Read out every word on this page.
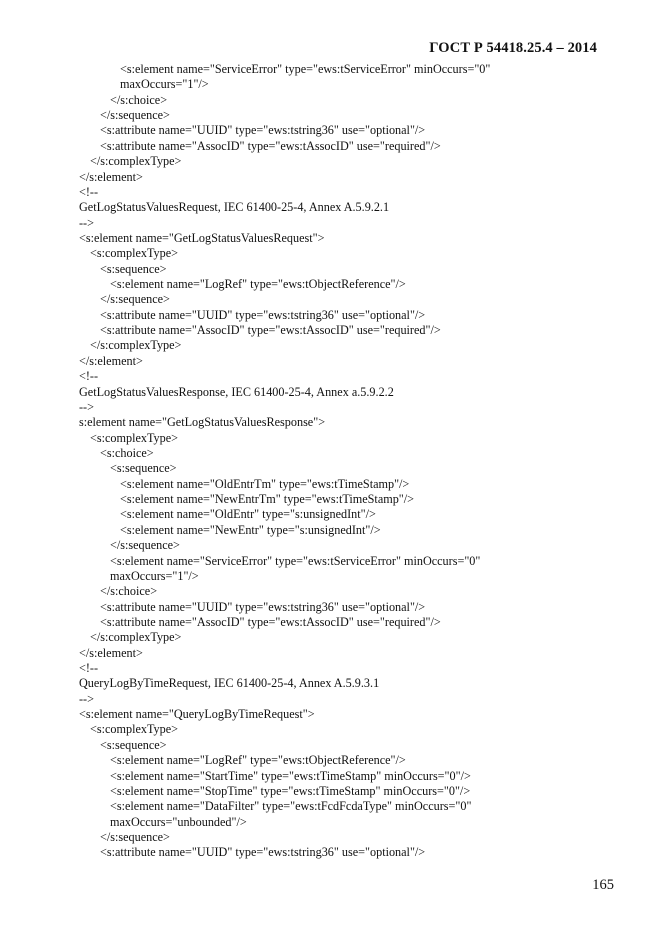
ГОСТ Р 54418.25.4 – 2014
<s:element name="ServiceError" type="ews:tServiceError" minOccurs="0"
maxOccurs="1"/>
</s:choice>
</s:sequence>
<s:attribute name="UUID" type="ews:tstring36" use="optional"/>
<s:attribute name="AssocID" type="ews:tAssocID" use="required"/>
</s:complexType>
</s:element>
<!--
GetLogStatusValuesRequest, IEC 61400-25-4, Annex A.5.9.2.1
-->
<s:element name="GetLogStatusValuesRequest">
<s:complexType>
<s:sequence>
<s:element name="LogRef" type="ews:tObjectReference"/>
</s:sequence>
<s:attribute name="UUID" type="ews:tstring36" use="optional"/>
<s:attribute name="AssocID" type="ews:tAssocID" use="required"/>
</s:complexType>
</s:element>
<!--
GetLogStatusValuesResponse, IEC 61400-25-4, Annex a.5.9.2.2
-->
s:element name="GetLogStatusValuesResponse">
<s:complexType>
<s:choice>
<s:sequence>
<s:element name="OldEntrTm" type="ews:tTimeStamp"/>
<s:element name="NewEntrTm" type="ews:tTimeStamp"/>
<s:element name="OldEntr" type="s:unsignedInt"/>
<s:element name="NewEntr" type="s:unsignedInt"/>
</s:sequence>
<s:element name="ServiceError" type="ews:tServiceError" minOccurs="0"
maxOccurs="1"/>
</s:choice>
<s:attribute name="UUID" type="ews:tstring36" use="optional"/>
<s:attribute name="AssocID" type="ews:tAssocID" use="required"/>
</s:complexType>
</s:element>
<!--
QueryLogByTimeRequest, IEC 61400-25-4, Annex A.5.9.3.1
-->
<s:element name="QueryLogByTimeRequest">
<s:complexType>
<s:sequence>
<s:element name="LogRef" type="ews:tObjectReference"/>
<s:element name="StartTime" type="ews:tTimeStamp" minOccurs="0"/>
<s:element name="StopTime" type="ews:tTimeStamp" minOccurs="0"/>
<s:element name="DataFilter" type="ews:tFcdFcdaType" minOccurs="0"
maxOccurs="unbounded"/>
</s:sequence>
<s:attribute name="UUID" type="ews:tstring36" use="optional"/>
165
